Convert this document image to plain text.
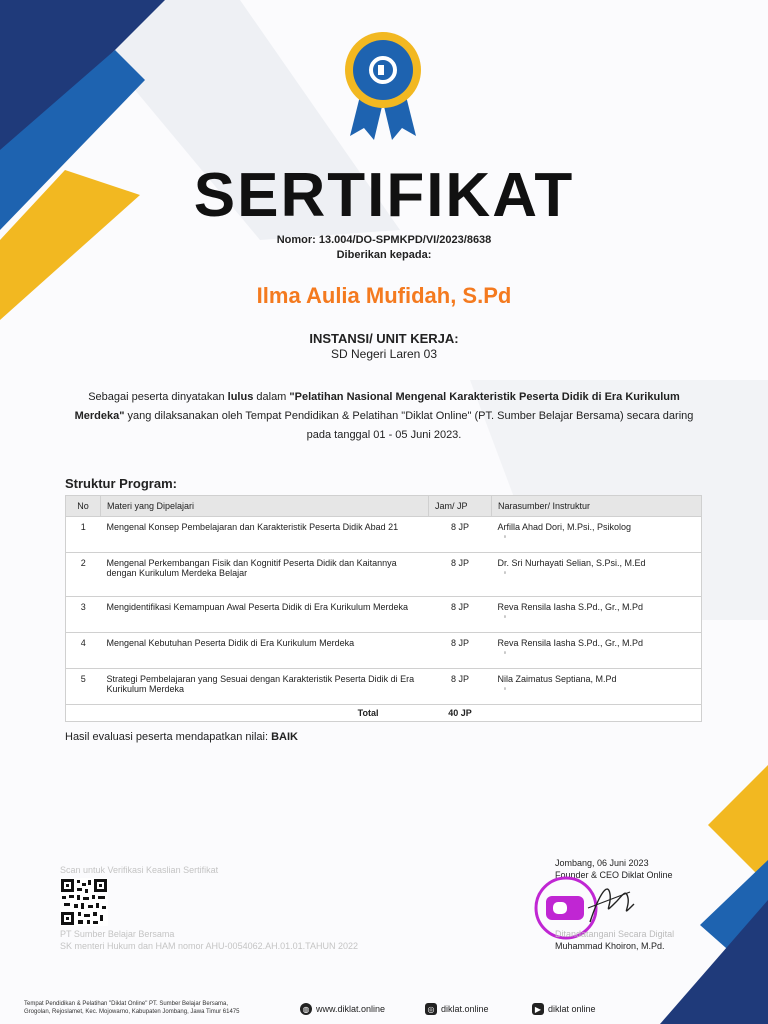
SERTIFIKAT
Nomor: 13.004/DO-SPMKPD/VI/2023/8638
Diberikan kepada:
Ilma Aulia Mufidah, S.Pd
INSTANSI/ UNIT KERJA:
SD Negeri Laren 03
Sebagai peserta dinyatakan lulus dalam "Pelatihan Nasional Mengenal Karakteristik Peserta Didik di Era Kurikulum Merdeka" yang dilaksanakan oleh Tempat Pendidikan & Pelatihan "Diklat Online" (PT. Sumber Belajar Bersama) secara daring pada tanggal 01 - 05 Juni 2023.
Struktur Program:
No	Materi yang Dipelajari	Jam/ JP	Narasumber/ Instruktur
1	Mengenal Konsep Pembelajaran dan Karakteristik Peserta Didik Abad 21	8 JP	Arfilla Ahad Dori, M.Psi., Psikolog
◦

2	Mengenal Perkembangan Fisik dan Kognitif Peserta Didik dan Kaitannya dengan Kurikulum Merdeka Belajar	8 JP	Dr. Sri Nurhayati Selian, S.Psi., M.Ed
◦

3	Mengidentifikasi Kemampuan Awal Peserta Didik di Era Kurikulum Merdeka	8 JP	Reva Rensila Iasha S.Pd., Gr., M.Pd
◦

4	Mengenal Kebutuhan Peserta Didik di Era Kurikulum Merdeka	8 JP	Reva Rensila Iasha S.Pd., Gr., M.Pd
◦

5	Strategi Pembelajaran yang Sesuai dengan Karakteristik Peserta Didik di Era Kurikulum Merdeka	8 JP	Nila Zaimatus Septiana, M.Pd
◦

	Total	40 JP	
Hasil evaluasi peserta mendapatkan nilai: BAIK
Scan untuk Verifikasi Keaslian Sertifikat
PT Sumber Belajar Bersama
SK menteri Hukum dan HAM nomor AHU-0054062.AH.01.01.TAHUN 2022
Jombang, 06 Juni 2023
Founder & CEO Diklat Online
Ditandatangani Secara Digital
Muhammad Khoiron, M.Pd.
Tempat Pendidikan & Pelatihan "Diklat Online" PT. Sumber Belajar Bersama,
Grogolan, Rejoslamet, Kec. Mojowarno, Kabupaten Jombang, Jawa Timur 61475	◍ www.diklat.online	◎ diklat.online	▶ diklat online
